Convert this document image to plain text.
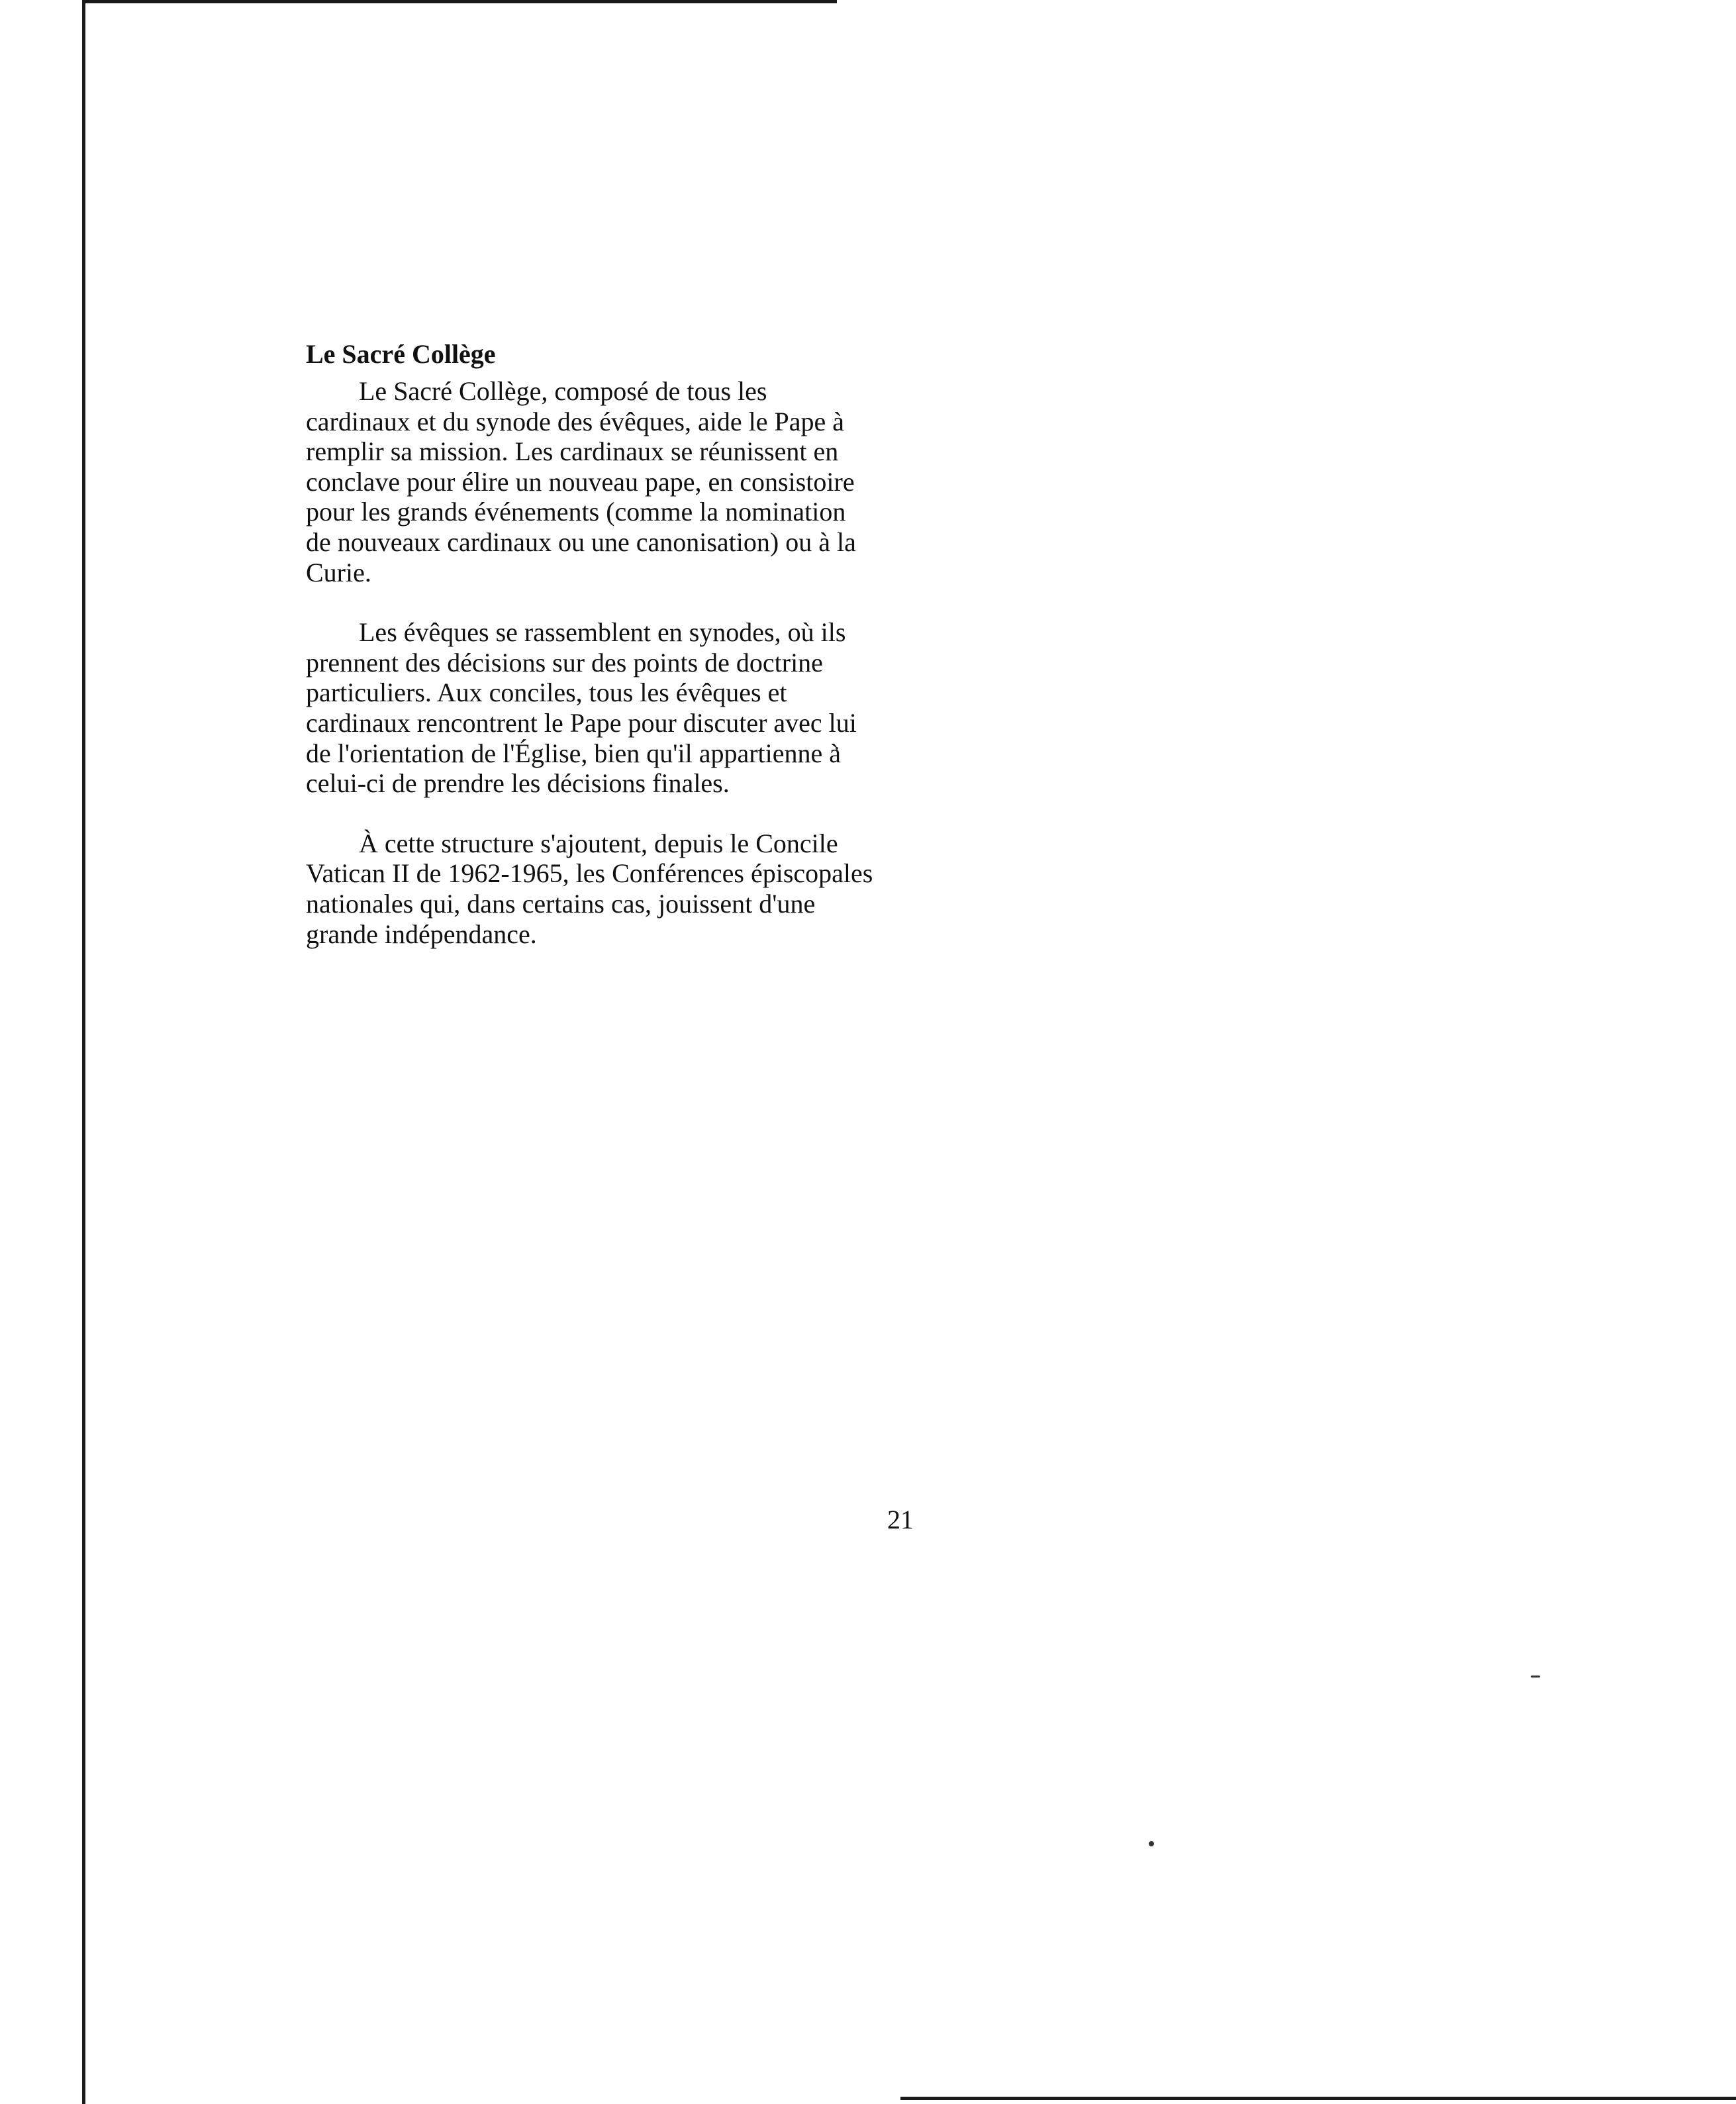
Le Sacré Collège

Le Sacré Collège, composé de tous les cardinaux et du synode des évêques, aide le Pape à remplir sa mission. Les cardinaux se réunissent en conclave pour élire un nouveau pape, en consistoire pour les grands événements (comme la nomination de nouveaux cardinaux ou une canonisation) ou à la Curie.

Les évêques se rassemblent en synodes, où ils prennent des décisions sur des points de doctrine particuliers. Aux conciles, tous les évêques et cardinaux rencontrent le Pape pour discuter avec lui de l'orientation de l'Église, bien qu'il appartienne à celui-ci de prendre les décisions finales.

À cette structure s'ajoutent, depuis le Concile Vatican II de 1962-1965, les Conférences épiscopales nationales qui, dans certains cas, jouissent d'une grande indépendance.

21
